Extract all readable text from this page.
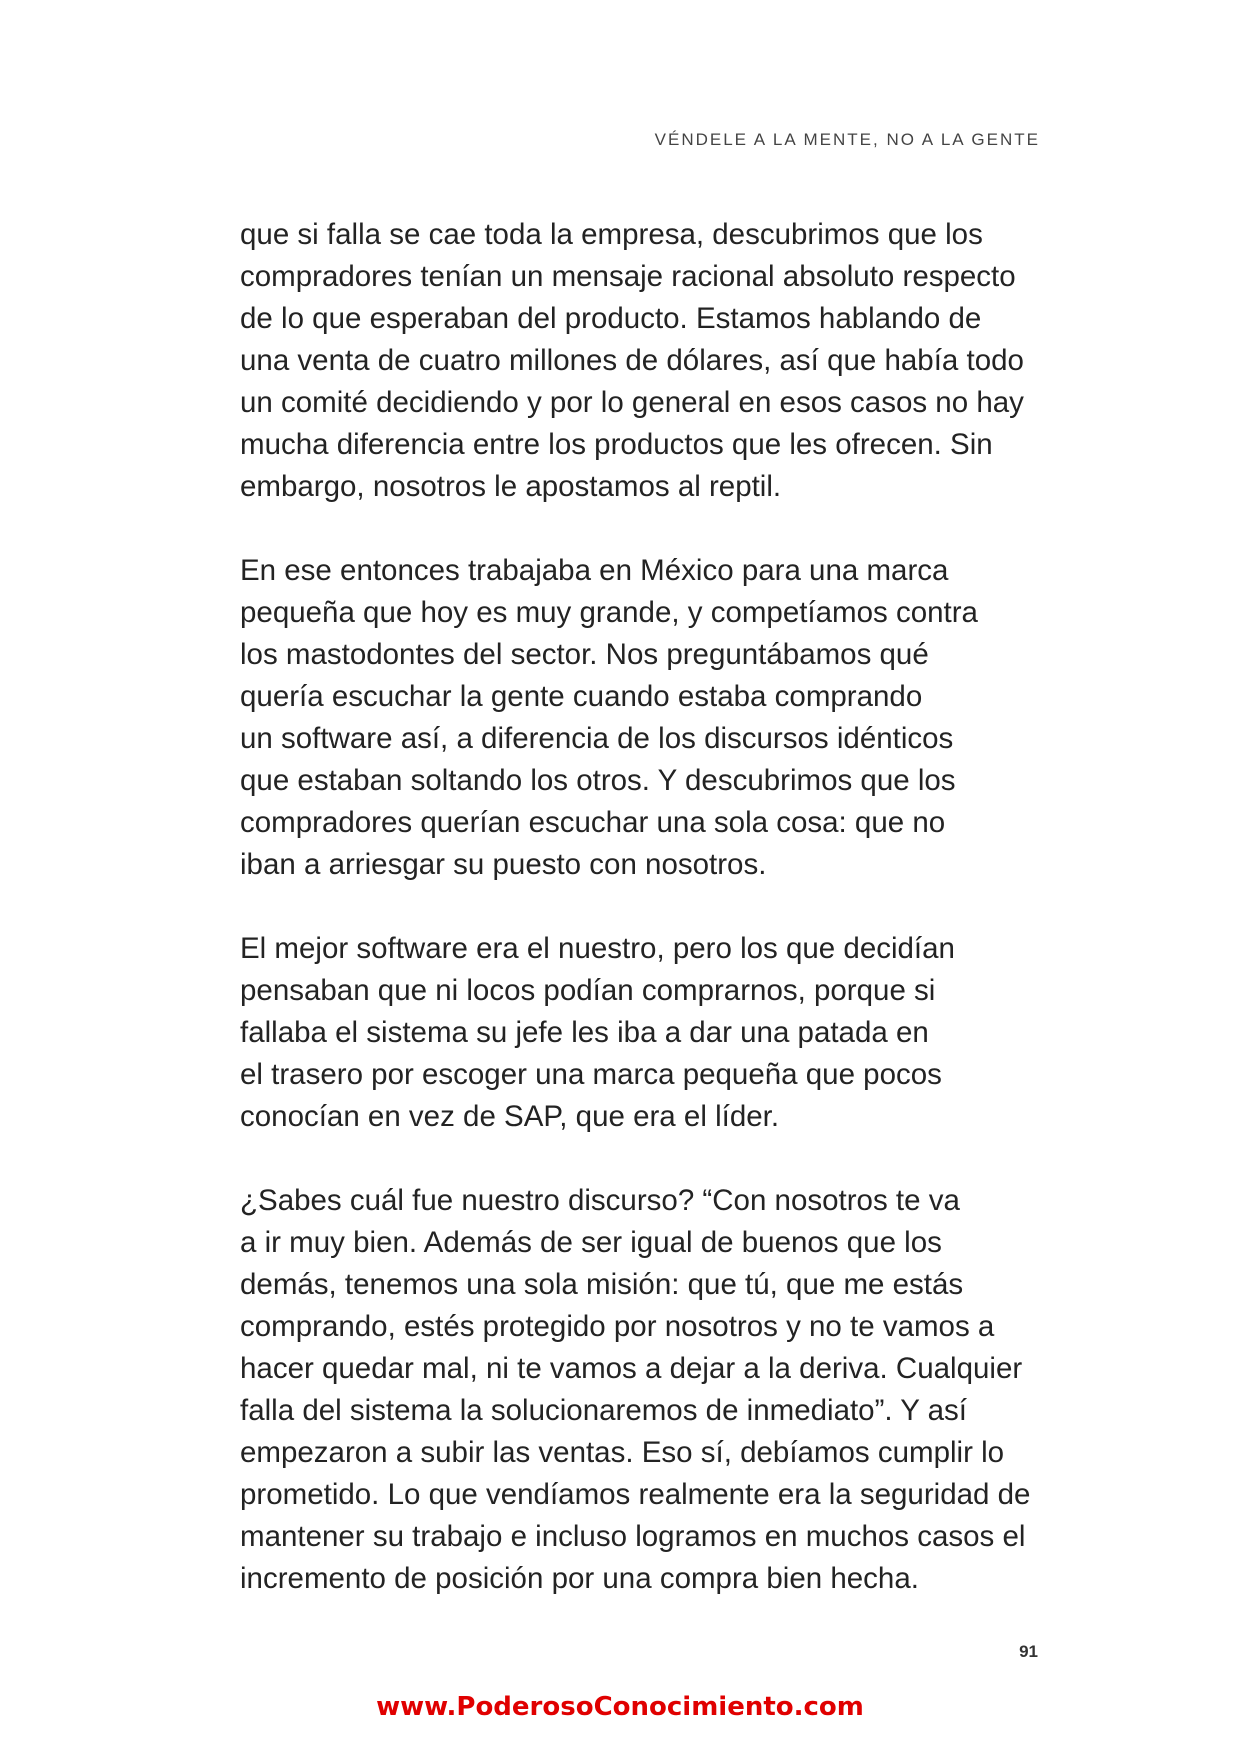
VÉNDELE A LA MENTE, NO A LA GENTE

que si falla se cae toda la empresa, descubrimos que los
compradores tenían un mensaje racional absoluto respecto
de lo que esperaban del producto. Estamos hablando de
una venta de cuatro millones de dólares, así que había todo
un comité decidiendo y por lo general en esos casos no hay
mucha diferencia entre los productos que les ofrecen. Sin
embargo, nosotros le apostamos al reptil.

En ese entonces trabajaba en México para una marca
pequeña que hoy es muy grande, y competíamos contra
los mastodontes del sector. Nos preguntábamos qué
quería escuchar la gente cuando estaba comprando
un software así, a diferencia de los discursos idénticos
que estaban soltando los otros. Y descubrimos que los
compradores querían escuchar una sola cosa: que no
iban a arriesgar su puesto con nosotros.

El mejor software era el nuestro, pero los que decidían
pensaban que ni locos podían comprarnos, porque si
fallaba el sistema su jefe les iba a dar una patada en
el trasero por escoger una marca pequeña que pocos
conocían en vez de SAP, que era el líder.

¿Sabes cuál fue nuestro discurso? “Con nosotros te va
a ir muy bien. Además de ser igual de buenos que los
demás, tenemos una sola misión: que tú, que me estás
comprando, estés protegido por nosotros y no te vamos a
hacer quedar mal, ni te vamos a dejar a la deriva. Cualquier
falla del sistema la solucionaremos de inmediato”. Y así
empezaron a subir las ventas. Eso sí, debíamos cumplir lo
prometido. Lo que vendíamos realmente era la seguridad de
mantener su trabajo e incluso logramos en muchos casos el
incremento de posición por una compra bien hecha.

91
www.PoderosoConocimiento.com
